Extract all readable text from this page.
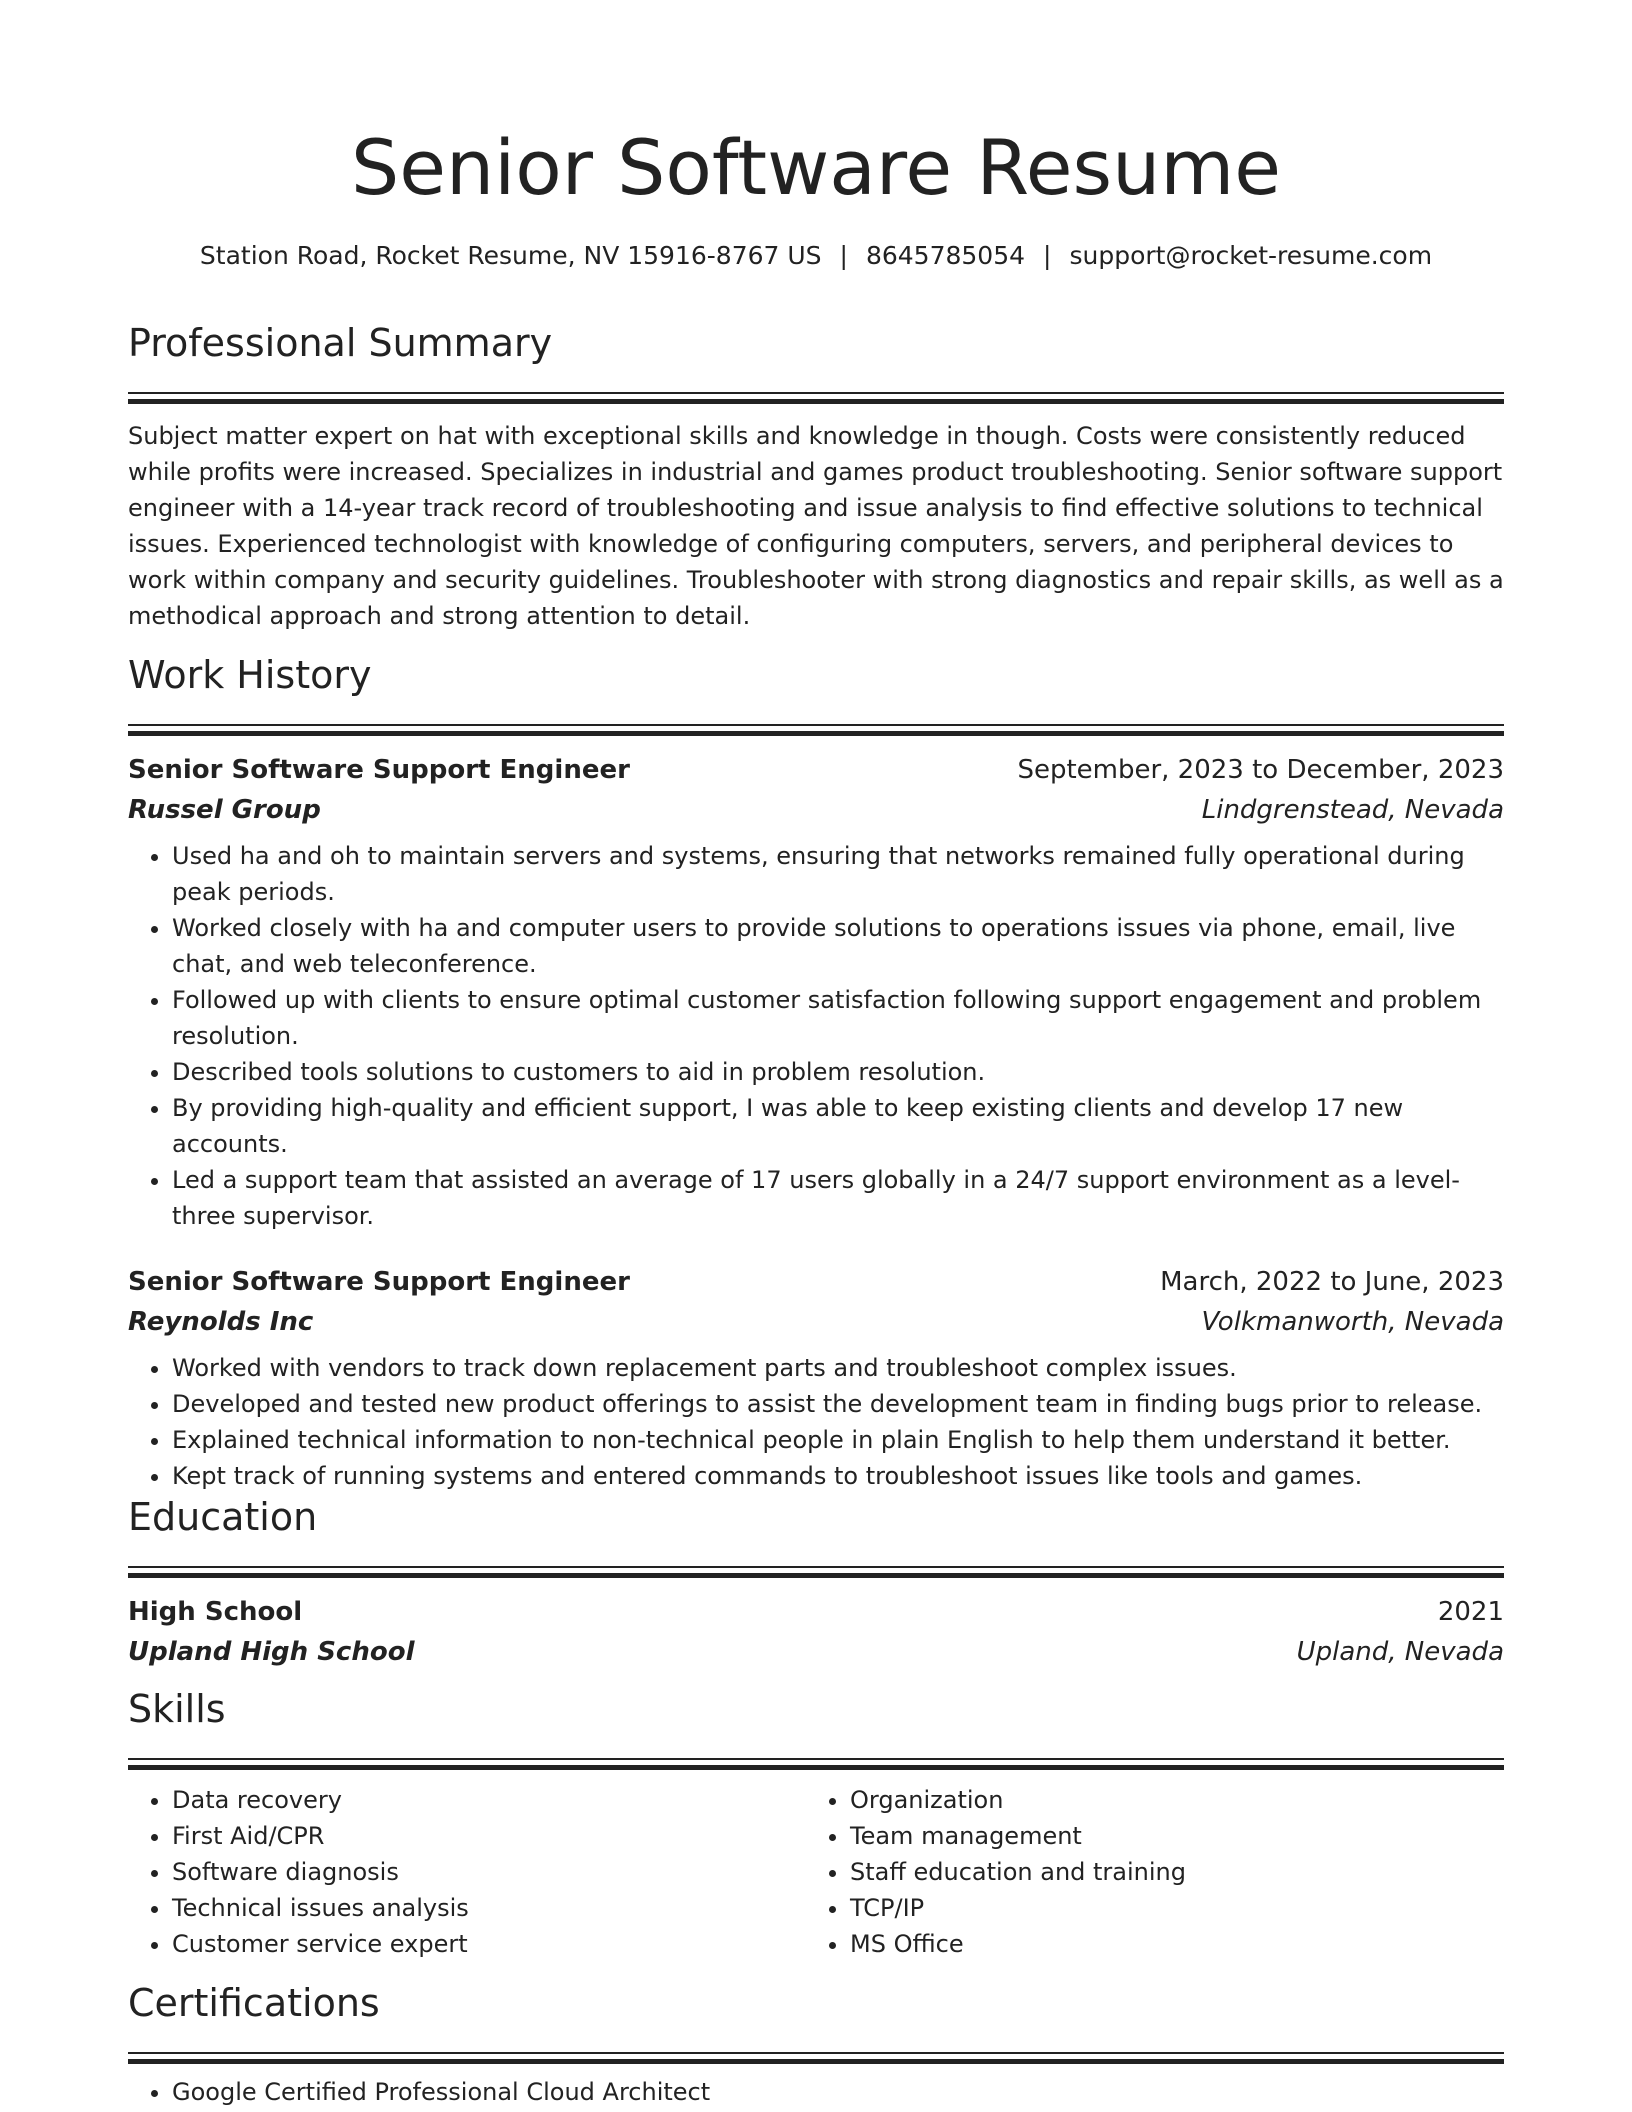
Senior Software Resume
Station Road, Rocket Resume, NV 15916-8767 US | 8645785054 | support@rocket-resume.com
Professional Summary
Subject matter expert on hat with exceptional skills and knowledge in though. Costs were consistently reduced while profits were increased. Specializes in industrial and games product troubleshooting. Senior software support engineer with a 14-year track record of troubleshooting and issue analysis to find effective solutions to technical issues. Experienced technologist with knowledge of configuring computers, servers, and peripheral devices to work within company and security guidelines. Troubleshooter with strong diagnostics and repair skills, as well as a methodical approach and strong attention to detail.
Work History
Senior Software Support Engineer	September, 2023 to December, 2023
Russel Group	Lindgrenstead, Nevada
• Used ha and oh to maintain servers and systems, ensuring that networks remained fully operational during peak periods.
• Worked closely with ha and computer users to provide solutions to operations issues via phone, email, live chat, and web teleconference.
• Followed up with clients to ensure optimal customer satisfaction following support engagement and problem resolution.
• Described tools solutions to customers to aid in problem resolution.
• By providing high-quality and efficient support, I was able to keep existing clients and develop 17 new accounts.
• Led a support team that assisted an average of 17 users globally in a 24/7 support environment as a level-three supervisor.
Senior Software Support Engineer	March, 2022 to June, 2023
Reynolds Inc	Volkmanworth, Nevada
• Worked with vendors to track down replacement parts and troubleshoot complex issues.
• Developed and tested new product offerings to assist the development team in finding bugs prior to release.
• Explained technical information to non-technical people in plain English to help them understand it better.
• Kept track of running systems and entered commands to troubleshoot issues like tools and games.
Education
High School	2021
Upland High School	Upland, Nevada
Skills
• Data recovery
• First Aid/CPR
• Software diagnosis
• Technical issues analysis
• Customer service expert
• Organization
• Team management
• Staff education and training
• TCP/IP
• MS Office
Certifications
• Google Certified Professional Cloud Architect
